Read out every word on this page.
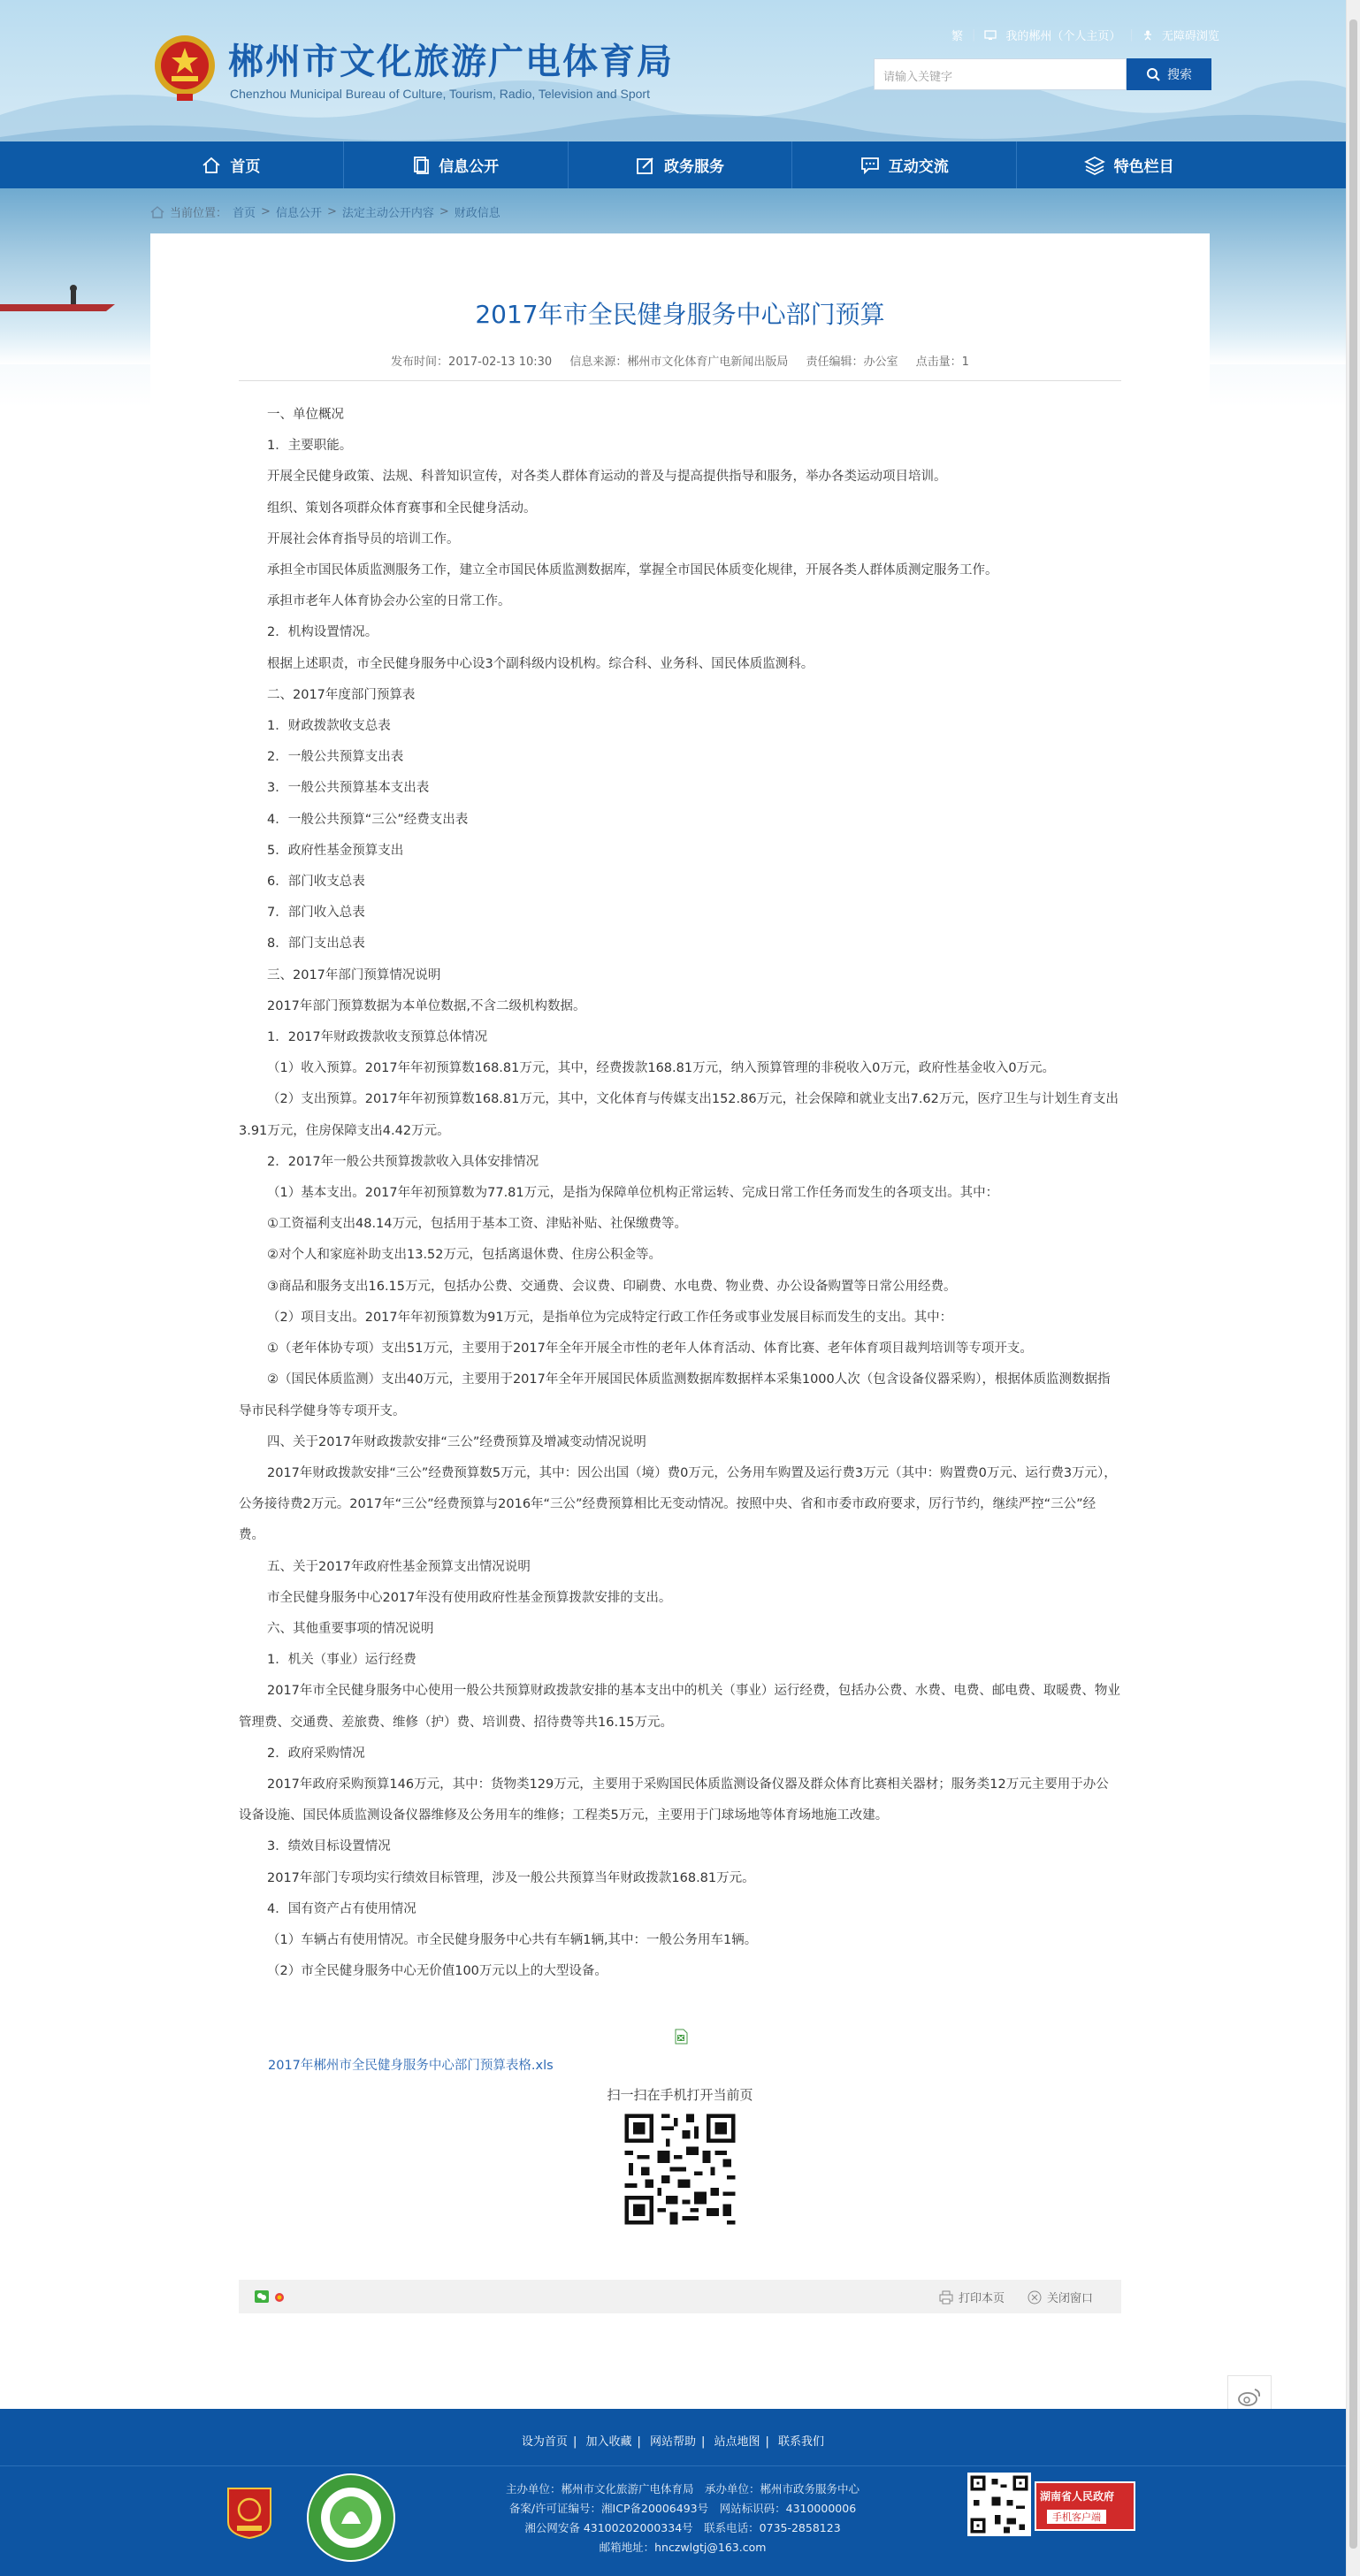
郴州市文化旅游广电体育局
Chenzhou Municipal Bureau of Culture, Tourism, Radio, Television and Sport
繁 |	我的郴州（个人主页） | 无障碍浏览
请输入关键字	搜索
首页	信息公开	政务服务	互动交流	特色栏目
当前位置： 首页 > 信息公开 > 法定主动公开内容 > 财政信息
2017年市全民健身服务中心部门预算
发布时间：2017-02-13 10:30 信息来源：郴州市文化体育广电新闻出版局 责任编辑：办公室 点击量：1

一、单位概况

1．主要职能。

开展全民健身政策、法规、科普知识宣传，对各类人群体育运动的普及与提高提供指导和服务，举办各类运动项目培训。

组织、策划各项群众体育赛事和全民健身活动。

开展社会体育指导员的培训工作。

承担全市国民体质监测服务工作，建立全市国民体质监测数据库，掌握全市国民体质变化规律，开展各类人群体质测定服务工作。

承担市老年人体育协会办公室的日常工作。

2．机构设置情况。

根据上述职责，市全民健身服务中心设3个副科级内设机构。综合科、业务科、国民体质监测科。

二、2017年度部门预算表

1．财政拨款收支总表

2．一般公共预算支出表

3．一般公共预算基本支出表

4．一般公共预算“三公”经费支出表

5．政府性基金预算支出

6．部门收支总表

7．部门收入总表

8．部门支出总表

三、2017年部门预算情况说明

2017年部门预算数据为本单位数据,不含二级机构数据。

1．2017年财政拨款收支预算总体情况

（1）收入预算。2017年年初预算数168.81万元，其中，经费拨款168.81万元，纳入预算管理的非税收入0万元，政府性基金收入0万元。

（2）支出预算。2017年年初预算数168.81万元，其中，文化体育与传媒支出152.86万元，社会保障和就业支出7.62万元，医疗卫生与计划生育支出3.91万元，住房保障支出4.42万元。

2．2017年一般公共预算拨款收入具体安排情况

（1）基本支出。2017年年初预算数为77.81万元，是指为保障单位机构正常运转、完成日常工作任务而发生的各项支出。其中：

①工资福利支出48.14万元，包括用于基本工资、津贴补贴、社保缴费等。

②对个人和家庭补助支出13.52万元，包括离退休费、住房公积金等。

③商品和服务支出16.15万元，包括办公费、交通费、会议费、印刷费、水电费、物业费、办公设备购置等日常公用经费。

（2）项目支出。2017年年初预算数为91万元，是指单位为完成特定行政工作任务或事业发展目标而发生的支出。其中：

①（老年体协专项）支出51万元，主要用于2017年全年开展全市性的老年人体育活动、体育比赛、老年体育项目裁判培训等专项开支。

②（国民体质监测）支出40万元，主要用于2017年全年开展国民体质监测数据库数据样本采集1000人次（包含设备仪器采购），根据体质监测数据指导市民科学健身等专项开支。

四、关于2017年财政拨款安排“三公”经费预算及增减变动情况说明

2017年财政拨款安排“三公”经费预算数5万元，其中：因公出国（境）费0万元，公务用车购置及运行费3万元（其中：购置费0万元、运行费3万元），公务接待费2万元。2017年“三公”经费预算与2016年“三公”经费预算相比无变动情况。按照中央、省和市委市政府要求，厉行节约，继续严控“三公”经费。

五、关于2017年政府性基金预算支出情况说明

市全民健身服务中心2017年没有使用政府性基金预算拨款安排的支出。

六、其他重要事项的情况说明

1．机关（事业）运行经费

2017年市全民健身服务中心使用一般公共预算财政拨款安排的基本支出中的机关（事业）运行经费，包括办公费、水费、电费、邮电费、取暖费、物业管理费、交通费、差旅费、维修（护）费、培训费、招待费等共16.15万元。

2．政府采购情况

2017年政府采购预算146万元，其中：货物类129万元，主要用于采购国民体质监测设备仪器及群众体育比赛相关器材；服务类12万元主要用于办公设备设施、国民体质监测设备仪器维修及公务用车的维修；工程类5万元，主要用于门球场地等体育场地施工改建。

3．绩效目标设置情况

2017年部门专项均实行绩效目标管理，涉及一般公共预算当年财政拨款168.81万元。

4．国有资产占有使用情况

（1）车辆占有使用情况。市全民健身服务中心共有车辆1辆,其中：一般公务用车1辆。

（2）市全民健身服务中心无价值100万元以上的大型设备。

2017年郴州市全民健身服务中心部门预算表格.xls
扫一扫在手机打开当前页
打印本页	关闭窗口
设为首页 | 加入收藏 | 网站帮助 | 站点地图 | 联系我们
主办单位：郴州市文化旅游广电体育局　承办单位：郴州市政务服务中心
备案/许可证编号：湘ICP备20006493号　网站标识码：4310000006
湘公网安备 43100202000334号　联系电话：0735-2858123
邮箱地址：hnczwlgtj@163.com
湖南省人民政府
手机客户端
